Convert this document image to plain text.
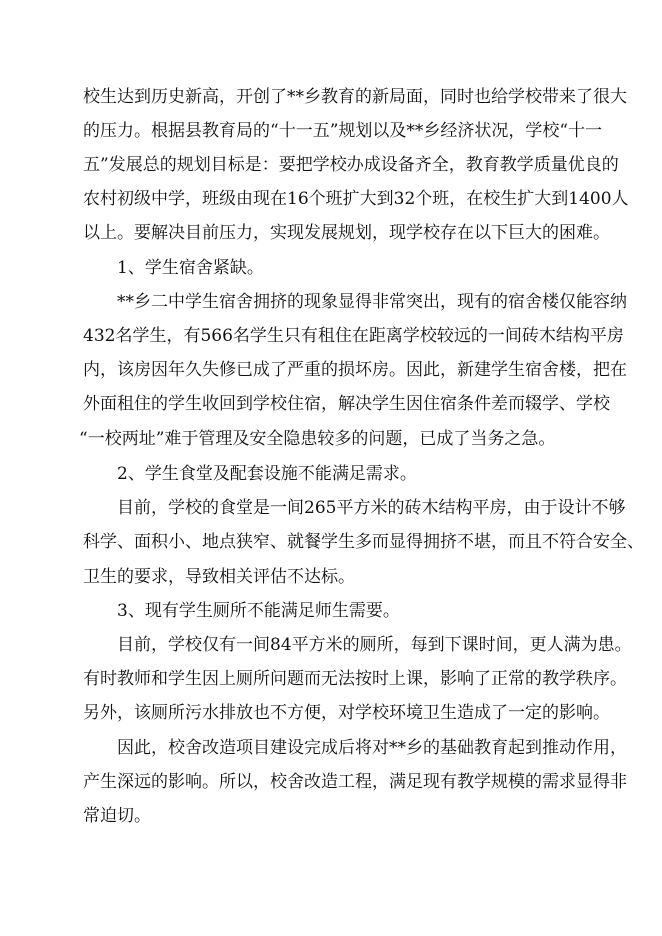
校生达到历史新高，开创了**乡教育的新局面，同时也给学校带来了很大
的压力。根据县教育局的“十一五”规划以及**乡经济状况，学校“十一
五”发展总的规划目标是：要把学校办成设备齐全，教育教学质量优良的
农村初级中学，班级由现在16个班扩大到32个班，在校生扩大到1400人
以上。要解决目前压力，实现发展规划，现学校存在以下巨大的困难。
1、学生宿舍紧缺。
**乡二中学生宿舍拥挤的现象显得非常突出，现有的宿舍楼仅能容纳
432名学生，有566名学生只有租住在距离学校较远的一间砖木结构平房
内，该房因年久失修已成了严重的损坏房。因此，新建学生宿舍楼，把在
外面租住的学生收回到学校住宿，解决学生因住宿条件差而辍学、学校
“一校两址”难于管理及安全隐患较多的问题，已成了当务之急。
2、学生食堂及配套设施不能满足需求。
目前，学校的食堂是一间265平方米的砖木结构平房，由于设计不够
科学、面积小、地点狭窄、就餐学生多而显得拥挤不堪，而且不符合安全、
卫生的要求，导致相关评估不达标。
3、现有学生厕所不能满足师生需要。
目前，学校仅有一间84平方米的厕所，每到下课时间，更人满为患。
有时教师和学生因上厕所问题而无法按时上课，影响了正常的教学秩序。
另外，该厕所污水排放也不方便，对学校环境卫生造成了一定的影响。
因此，校舍改造项目建设完成后将对**乡的基础教育起到推动作用，
产生深远的影响。所以，校舍改造工程，满足现有教学规模的需求显得非
常迫切。
